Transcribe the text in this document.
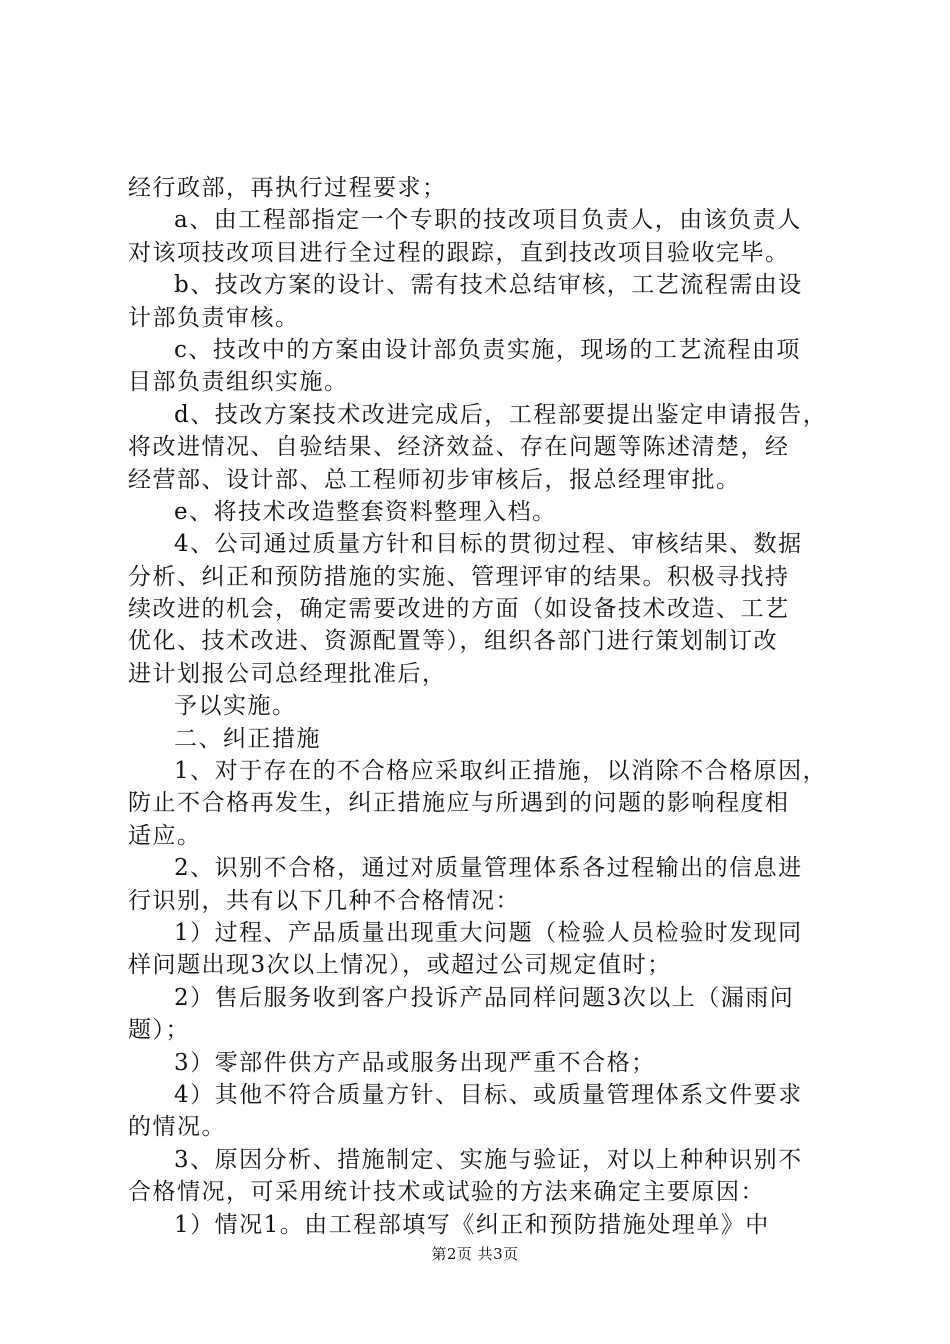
经行政部，再执行过程要求；
a、由工程部指定一个专职的技改项目负责人，由该负责人
对该项技改项目进行全过程的跟踪，直到技改项目验收完毕。
b、技改方案的设计、需有技术总结审核，工艺流程需由设
计部负责审核。
c、技改中的方案由设计部负责实施，现场的工艺流程由项
目部负责组织实施。
d、技改方案技术改进完成后，工程部要提出鉴定申请报告，
将改进情况、自验结果、经济效益、存在问题等陈述清楚，经
经营部、设计部、总工程师初步审核后，报总经理审批。
e、将技术改造整套资料整理入档。
4、公司通过质量方针和目标的贯彻过程、审核结果、数据
分析、纠正和预防措施的实施、管理评审的结果。积极寻找持
续改进的机会，确定需要改进的方面（如设备技术改造、工艺
优化、技术改进、资源配置等），组织各部门进行策划制订改
进计划报公司总经理批准后，
予以实施。
二、纠正措施
1、对于存在的不合格应采取纠正措施，以消除不合格原因，
防止不合格再发生，纠正措施应与所遇到的问题的影响程度相
适应。
2、识别不合格，通过对质量管理体系各过程输出的信息进
行识别，共有以下几种不合格情况：
1）过程、产品质量出现重大问题（检验人员检验时发现同
样问题出现3次以上情况），或超过公司规定值时；
2）售后服务收到客户投诉产品同样问题3次以上（漏雨问
题）；
3）零部件供方产品或服务出现严重不合格；
4）其他不符合质量方针、目标、或质量管理体系文件要求
的情况。
3、原因分析、措施制定、实施与验证，对以上种种识别不
合格情况，可采用统计技术或试验的方法来确定主要原因：
1）情况1。由工程部填写《纠正和预防措施处理单》中
第2页 共3页
